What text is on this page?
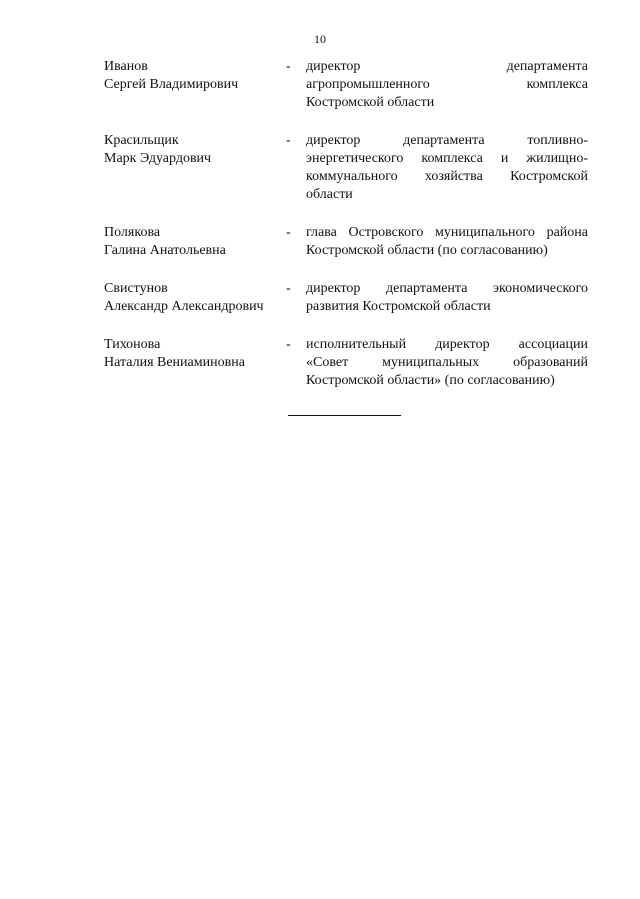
10
Иванов
Сергей Владимирович
-	директор департамента
агропромышленного комплекса
Костромской области
Красильщик
Марк Эдуардович
-	директор департамента топливно-
энергетического комплекса и жилищно-
коммунального хозяйства Костромской
области
Полякова
Галина Анатольевна
-	глава Островского муниципального района
Костромской области (по согласованию)
Свистунов
Александр Александрович
-	директор департамента экономического
развития Костромской области
Тихонова
Наталия Вениаминовна
-	исполнительный директор ассоциации
«Совет муниципальных образований
Костромской области» (по согласованию)
